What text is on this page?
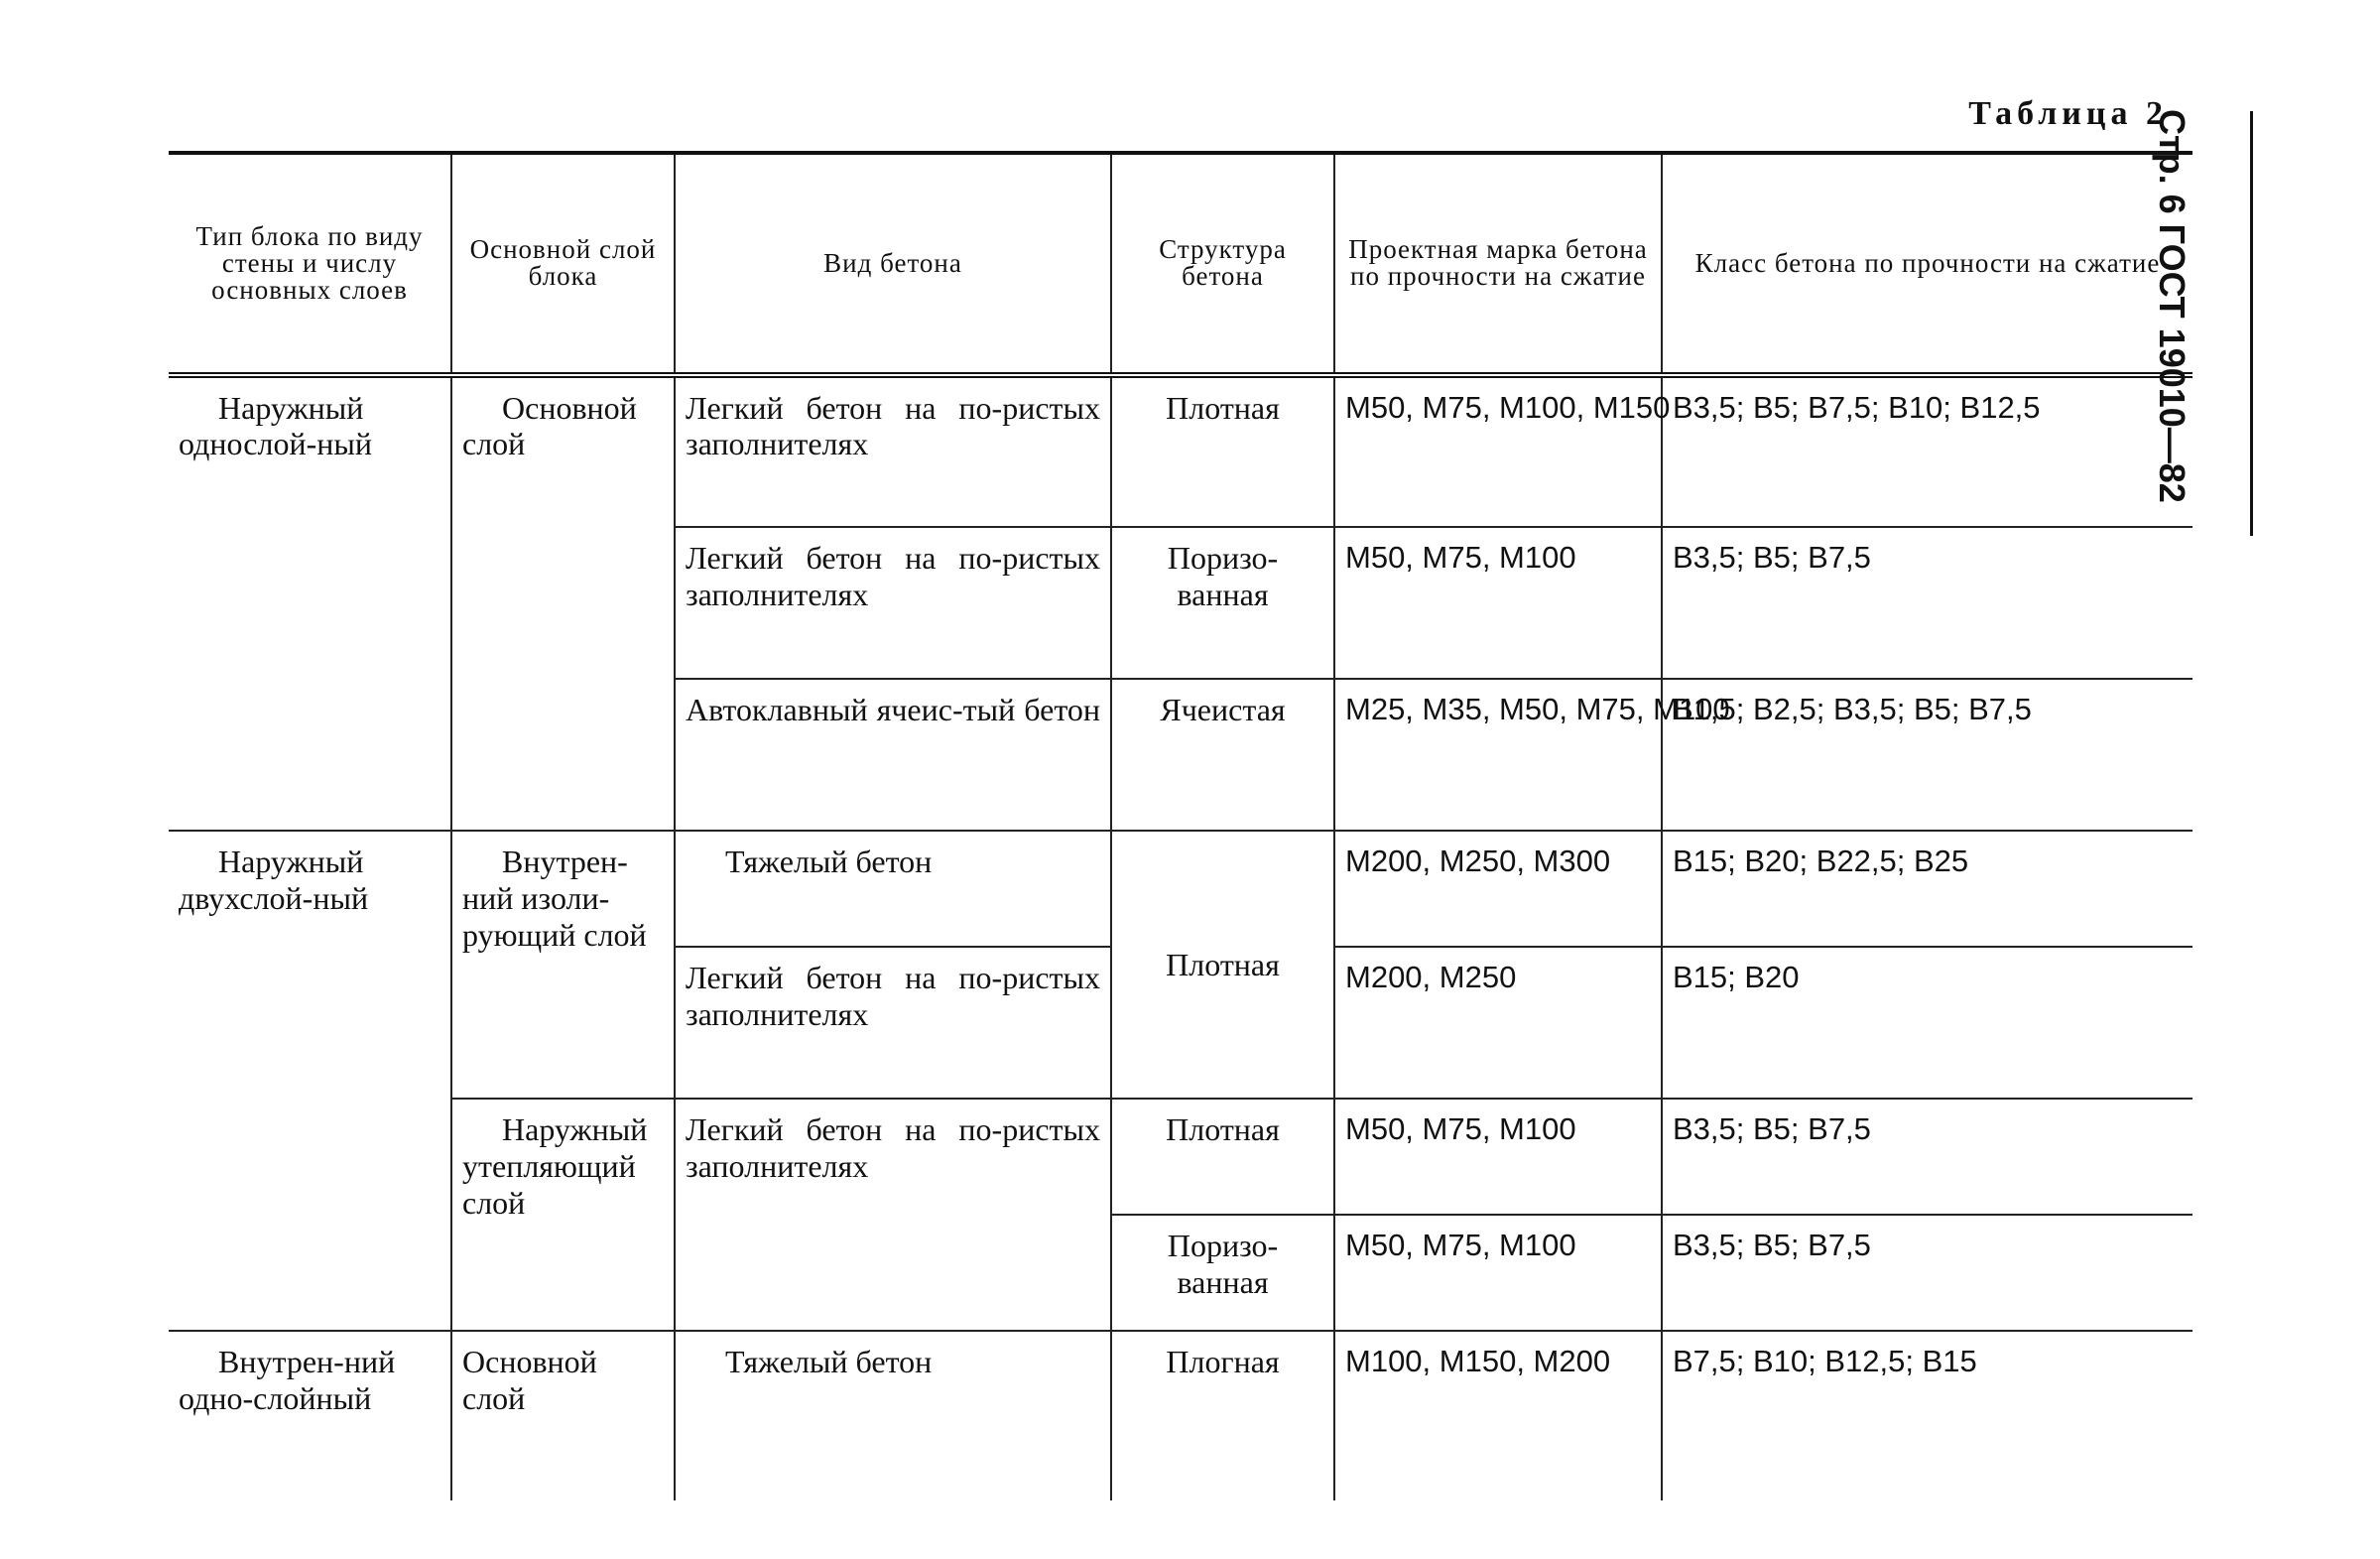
Таблица 2
Стр. 6 ГОСТ 19010—82
Тип блока по виду стены и числу основных слоев	Основной слой блока	Вид бетона	Структура бетона	Проектная марка бетона по прочности на сжатие	Класс бетона по прочности на сжатие

Наружный однослой-ный	Основной слой	Легкий бетон на по-ристых заполнителях	Плотная	М50, М75, М100, М150	В3,5; В5; В7,5; В10; В12,5

		Легкий бетон на по-ристых заполнителях	Поризо-ванная	М50, М75, М100	В3,5; В5; В7,5

		Автоклавный ячеис-тый бетон	Ячеистая	М25, М35, М50, М75, М100	В1,5; В2,5; В3,5; В5; В7,5

Наружный двухслой-ный	Внутрен-ний изоли-рующий слой	Тяжелый бетон	Плотная	М200, М250, М300	В15; В20; В22,5; В25

		Легкий бетон на по-ристых заполнителях		М200, М250	В15; В20

	Наружный утепляющий слой	Легкий бетон на по-ристых заполнителях	Плотная	М50, М75, М100	В3,5; В5; В7,5
			Поризо-ванная	М50, М75, М100	В3,5; В5; В7,5

Внутрен-ний одно-слойный	Основной слой	Тяжелый бетон	Плогная	М100, М150, М200	В7,5; В10; В12,5; В15
